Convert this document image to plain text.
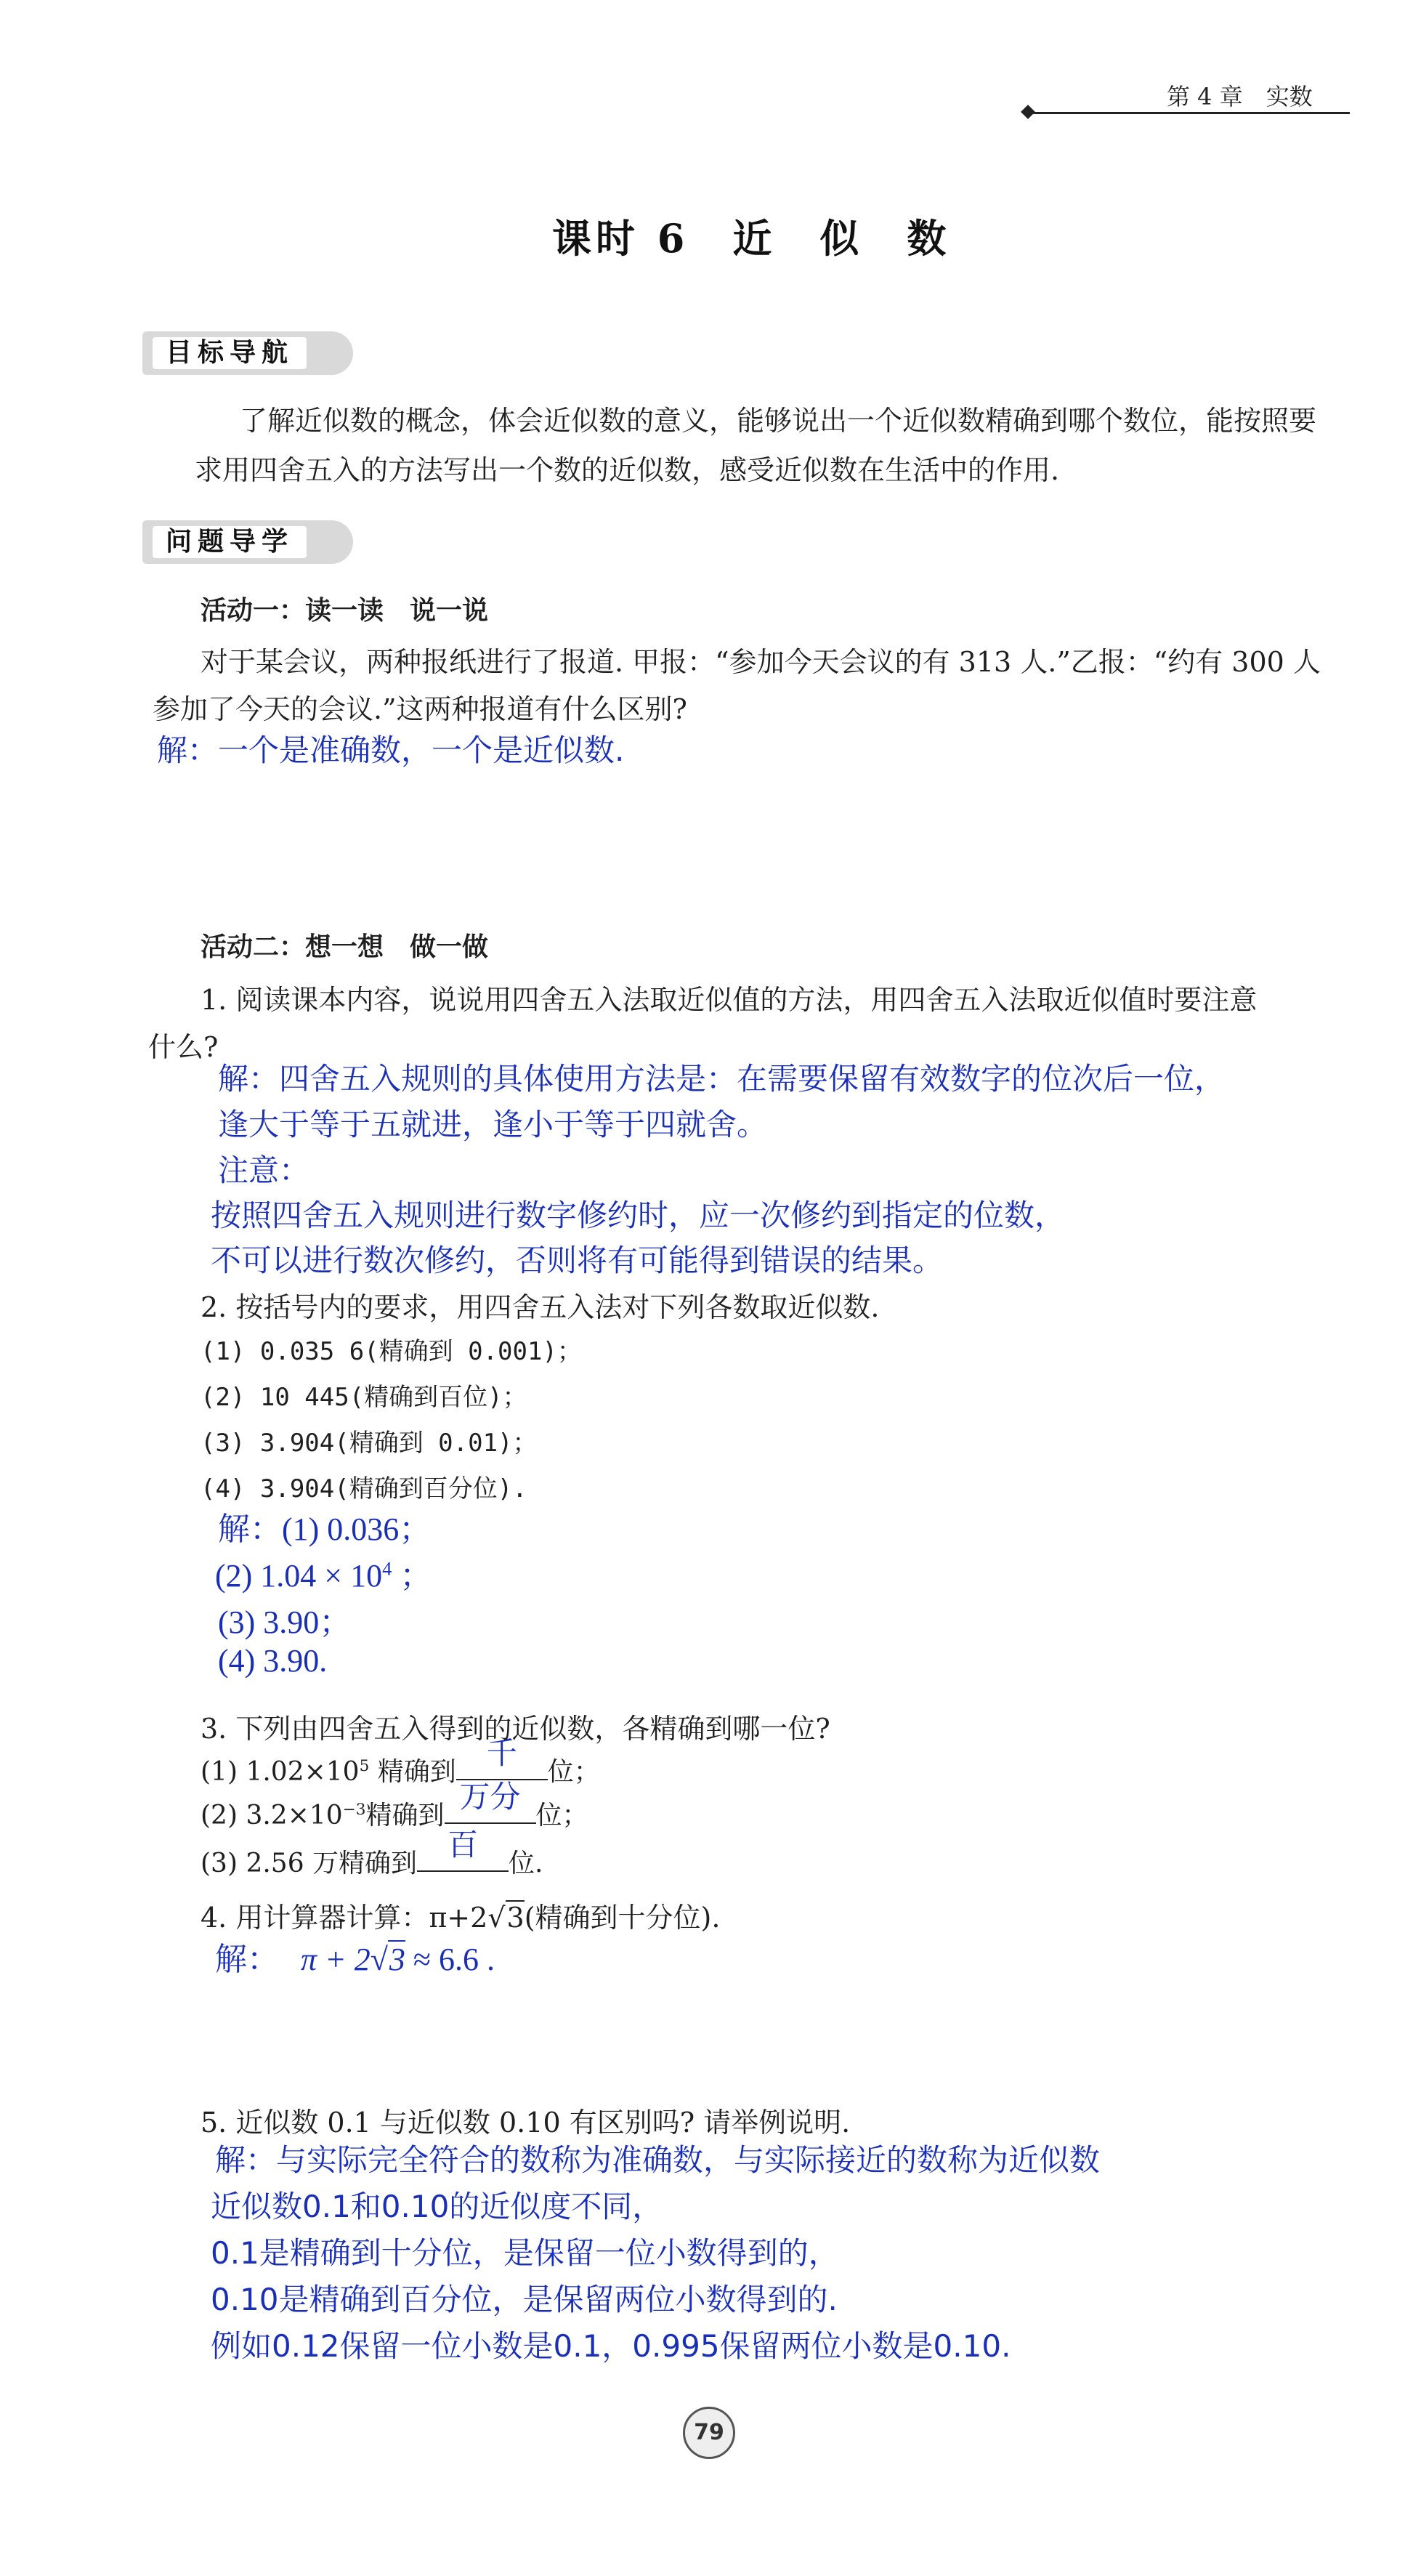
第 4 章　实数
课时 6　近　似　数
目标导航
了解近似数的概念，体会近似数的意义，能够说出一个近似数精确到哪个数位，能按照要
求用四舍五入的方法写出一个数的近似数，感受近似数在生活中的作用.
问题导学
活动一：读一读　说一说
对于某会议，两种报纸进行了报道. 甲报：“参加今天会议的有 313 人.”乙报：“约有 300 人
参加了今天的会议.”这两种报道有什么区别?
解：一个是准确数，一个是近似数.
活动二：想一想　做一做
1. 阅读课本内容，说说用四舍五入法取近似值的方法，用四舍五入法取近似值时要注意
什么?
解：四舍五入规则的具体使用方法是：在需要保留有效数字的位次后一位，
逢大于等于五就进，逢小于等于四就舍。
注意：
按照四舍五入规则进行数字修约时，应一次修约到指定的位数，
不可以进行数次修约，否则将有可能得到错误的结果。
2. 按括号内的要求，用四舍五入法对下列各数取近似数.
(1) 0.035 6(精确到 0.001)；
(2) 10 445(精确到百位)；
(3) 3.904(精确到 0.01)；
(4) 3.904(精确到百分位).
解：(1) 0.036；
(2) $1.04 \times 10^4$ ；
(3) 3.90；
(4) 3.90.
3. 下列由四舍五入得到的近似数，各精确到哪一位?
(1) $1.02\times 10^5$ 精确到
千
位；
(2) $3.2\times 10^{-3}$精确到
万分
位；
(3) 2.56 万精确到
百
位.
4. 用计算器计算：π+2√3(精确到十分位).
解： π + 2√3 ≈ 6.6 .
5. 近似数 0.1 与近似数 0.10 有区别吗? 请举例说明.
解：与实际完全符合的数称为准确数，与实际接近的数称为近似数
近似数0.1和0.10的近似度不同，
0.1是精确到十分位，是保留一位小数得到的，
0.10是精确到百分位，是保留两位小数得到的.
例如0.12保留一位小数是0.1，0.995保留两位小数是0.10.
79
